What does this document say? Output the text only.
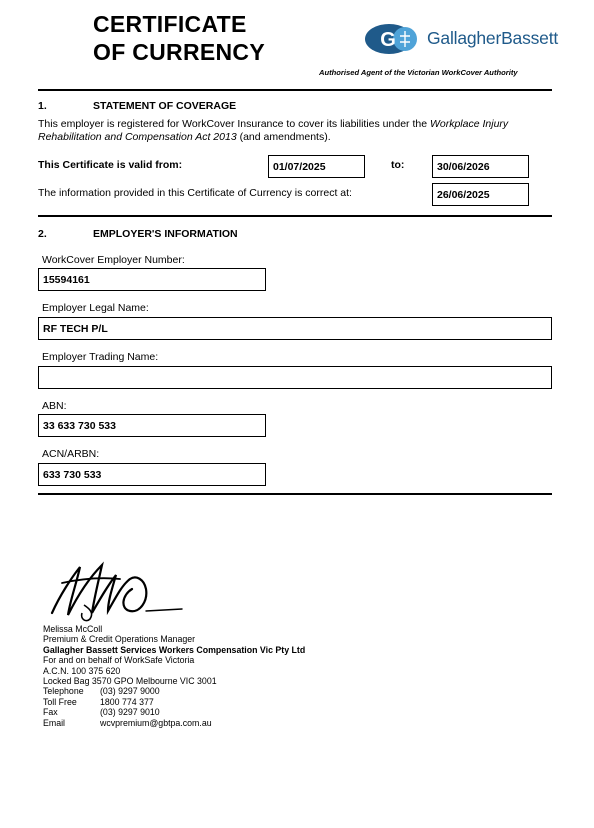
CERTIFICATE
OF CURRENCY	G GallagherBassett
Authorised Agent of the Victorian WorkCover Authority
1.	STATEMENT OF COVERAGE
This employer is registered for WorkCover Insurance to cover its liabilities under the Workplace Injury Rehabilitation and Compensation Act 2013 (and amendments).
This Certificate is valid from:	01/07/2025	to:	30/06/2026
The information provided in this Certificate of Currency is correct at:	26/06/2025
2.	EMPLOYER'S INFORMATION
WorkCover Employer Number:
15594161
Employer Legal Name:
RF TECH P/L
Employer Trading Name:
ABN:
33 633 730 533
ACN/ARBN:
633 730 533
Melissa McColl
Premium & Credit Operations Manager
Gallagher Bassett Services Workers Compensation Vic Pty Ltd
For and on behalf of WorkSafe Victoria
A.C.N. 100 375 620
Locked Bag 3570 GPO Melbourne VIC 3001
Telephone	(03) 9297 9000
Toll Free	1800 774 377
Fax	(03) 9297 9010
Email	wcvpremium@gbtpa.com.au
